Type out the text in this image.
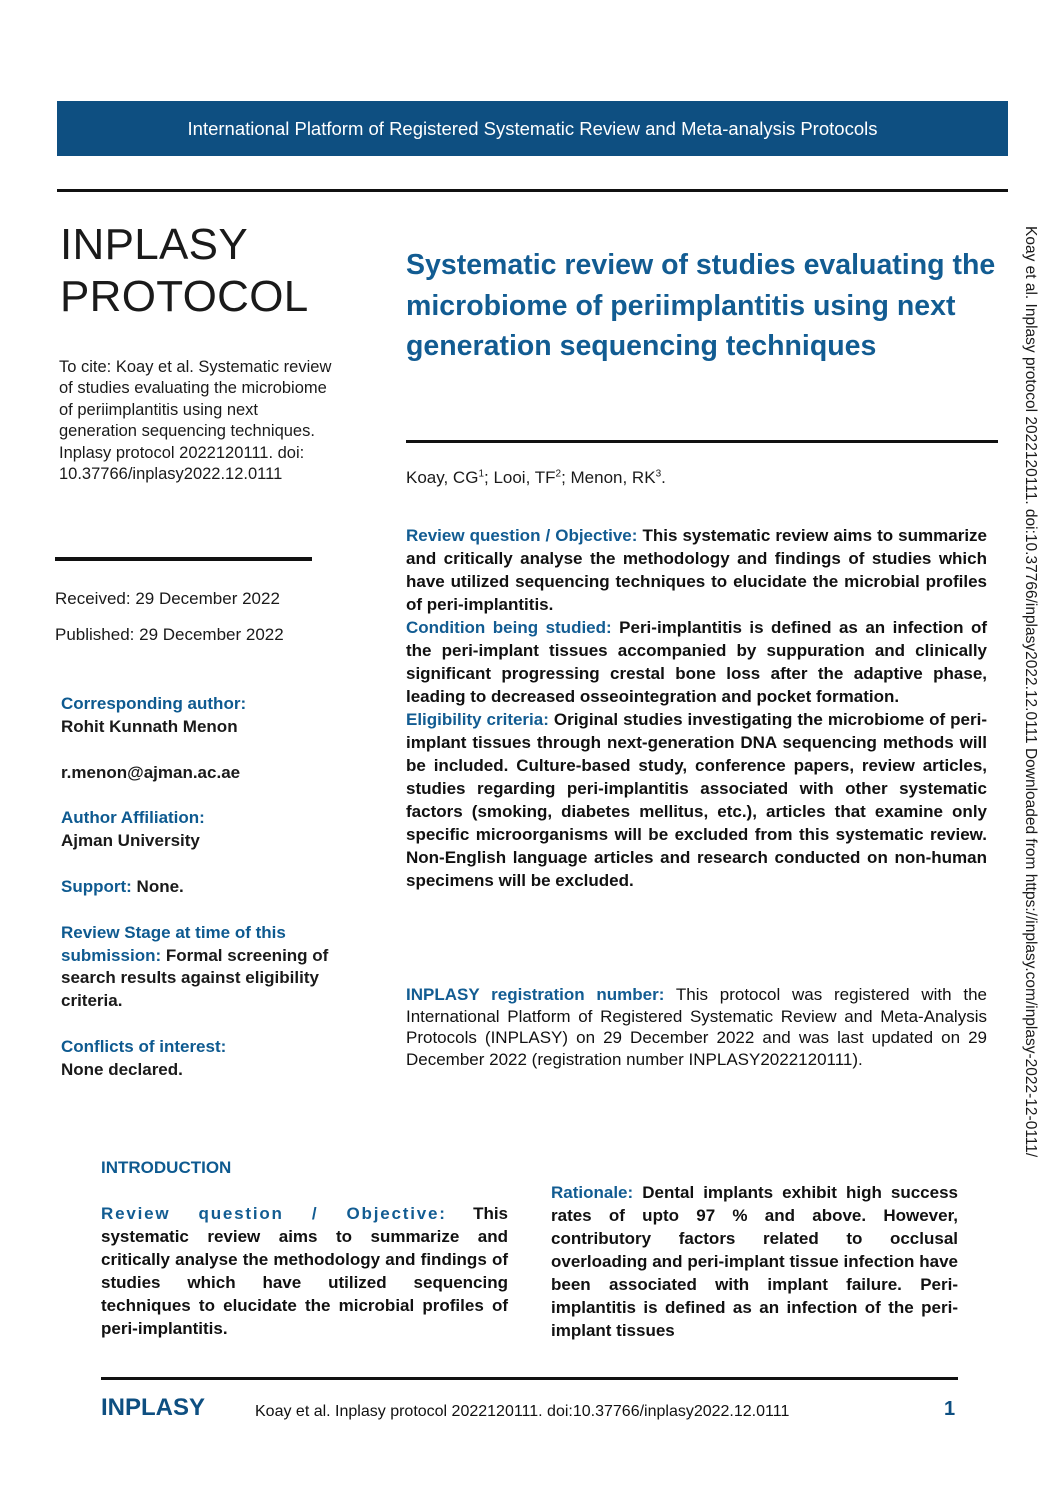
International Platform of Registered Systematic Review and Meta-analysis Protocols
Koay et al. Inplasy protocol 2022120111. doi:10.37766/inplasy2022.12.0111 Downloaded from https://inplasy.com/inplasy-2022-12-0111/
INPLASY
PROTOCOL
To cite: Koay et al. Systematic review of studies evaluating the microbiome of periimplantitis using next generation sequencing techniques. Inplasy protocol 2022120111. doi: 10.37766/inplasy2022.12.0111
Received: 29 December 2022
Published: 29 December 2022
Corresponding author:
Rohit Kunnath Menon
r.menon@ajman.ac.ae
Author Affiliation:
Ajman University
Support: None.
Review Stage at time of this submission: Formal screening of search results against eligibility criteria.
Conflicts of interest:
None declared.
Systematic review of studies evaluating the microbiome of periimplantitis using next generation sequencing techniques
Koay, $CG^1$; Looi, $TF^2$; Menon, $RK^3$.

Review question / Objective: This systematic review aims to summarize and critically analyse the methodology and findings of studies which have utilized sequencing techniques to elucidate the microbial profiles of peri-implantitis.

Condition being studied: Peri-implantitis is defined as an infection of the peri-implant tissues accompanied by suppuration and clinically significant progressing crestal bone loss after the adaptive phase, leading to decreased osseointegration and pocket formation.

Eligibility criteria: Original studies investigating the microbiome of peri-implant tissues through next-generation DNA sequencing methods will be included. Culture-based study, conference papers, review articles, studies regarding peri-implantitis associated with other systematic factors (smoking, diabetes mellitus, etc.), articles that examine only specific microorganisms will be excluded from this systematic review. Non-English language articles and research conducted on non-human specimens will be excluded.

INPLASY registration number: This protocol was registered with the International Platform of Registered Systematic Review and Meta-Analysis Protocols (INPLASY) on 29 December 2022 and was last updated on 29 December 2022 (registration number INPLASY2022120111).
INTRODUCTION
Review question / Objective: This systematic review aims to summarize and critically analyse the methodology and findings of studies which have utilized sequencing techniques to elucidate the microbial profiles of peri-implantitis.
Rationale: Dental implants exhibit high success rates of upto 97 % and above. However, contributory factors related to occlusal overloading and peri-implant tissue infection have been associated with implant failure. Peri-implantitis is defined as an infection of the peri-implant tissues
INPLASY	Koay et al. Inplasy protocol 2022120111. doi:10.37766/inplasy2022.12.0111	1
